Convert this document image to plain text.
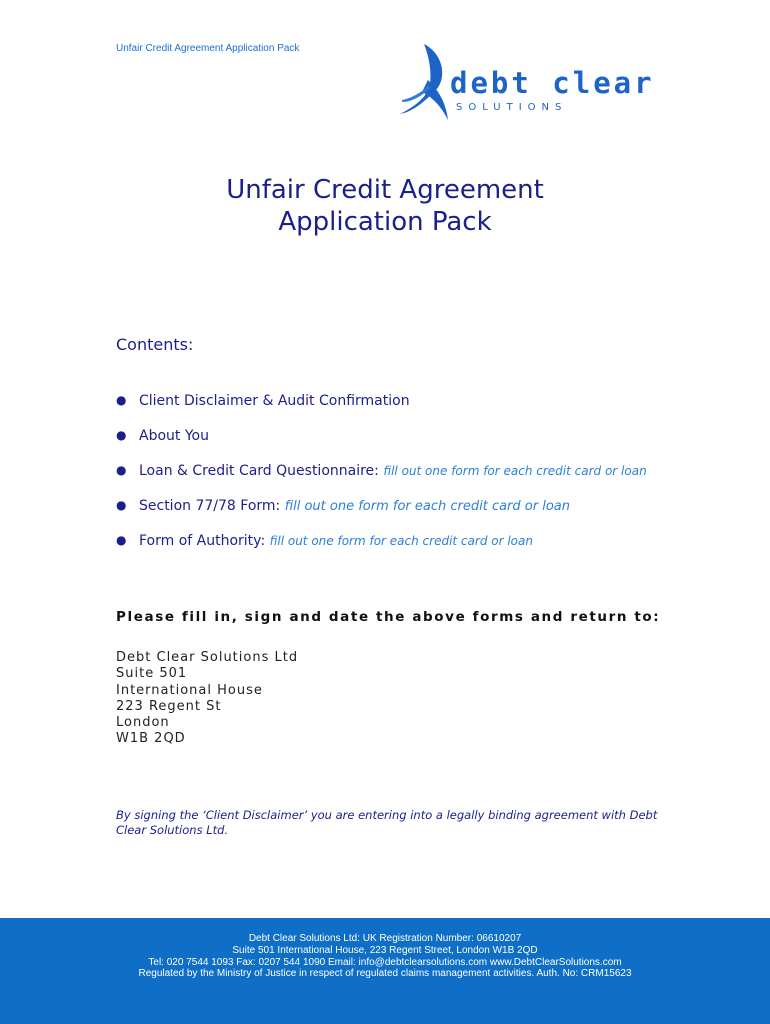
Unfair Credit Agreement Application Pack
debt clear
SOLUTIONS
Unfair Credit Agreement
Application Pack
Contents:
● Client Disclaimer & Audit Confirmation
● About You
● Loan & Credit Card Questionnaire: fill out one form for each credit card or loan
● Section 77/78 Form: fill out one form for each credit card or loan
● Form of Authority: fill out one form for each credit card or loan
Please fill in, sign and date the above forms and return to:
Debt Clear Solutions Ltd
Suite 501
International House
223 Regent St
London
W1B 2QD
By signing the ‘Client Disclaimer’ you are entering into a legally binding agreement with Debt Clear Solutions Ltd.
Debt Clear Solutions Ltd: UK Registration Number: 06610207
Suite 501 International House, 223 Regent Street, London W1B 2QD
Tel: 020 7544 1093 Fax: 0207 544 1090 Email: info@debtclearsolutions.com www.DebtClearSolutions.com
Regulated by the Ministry of Justice in respect of regulated claims management activities. Auth. No: CRM15623
